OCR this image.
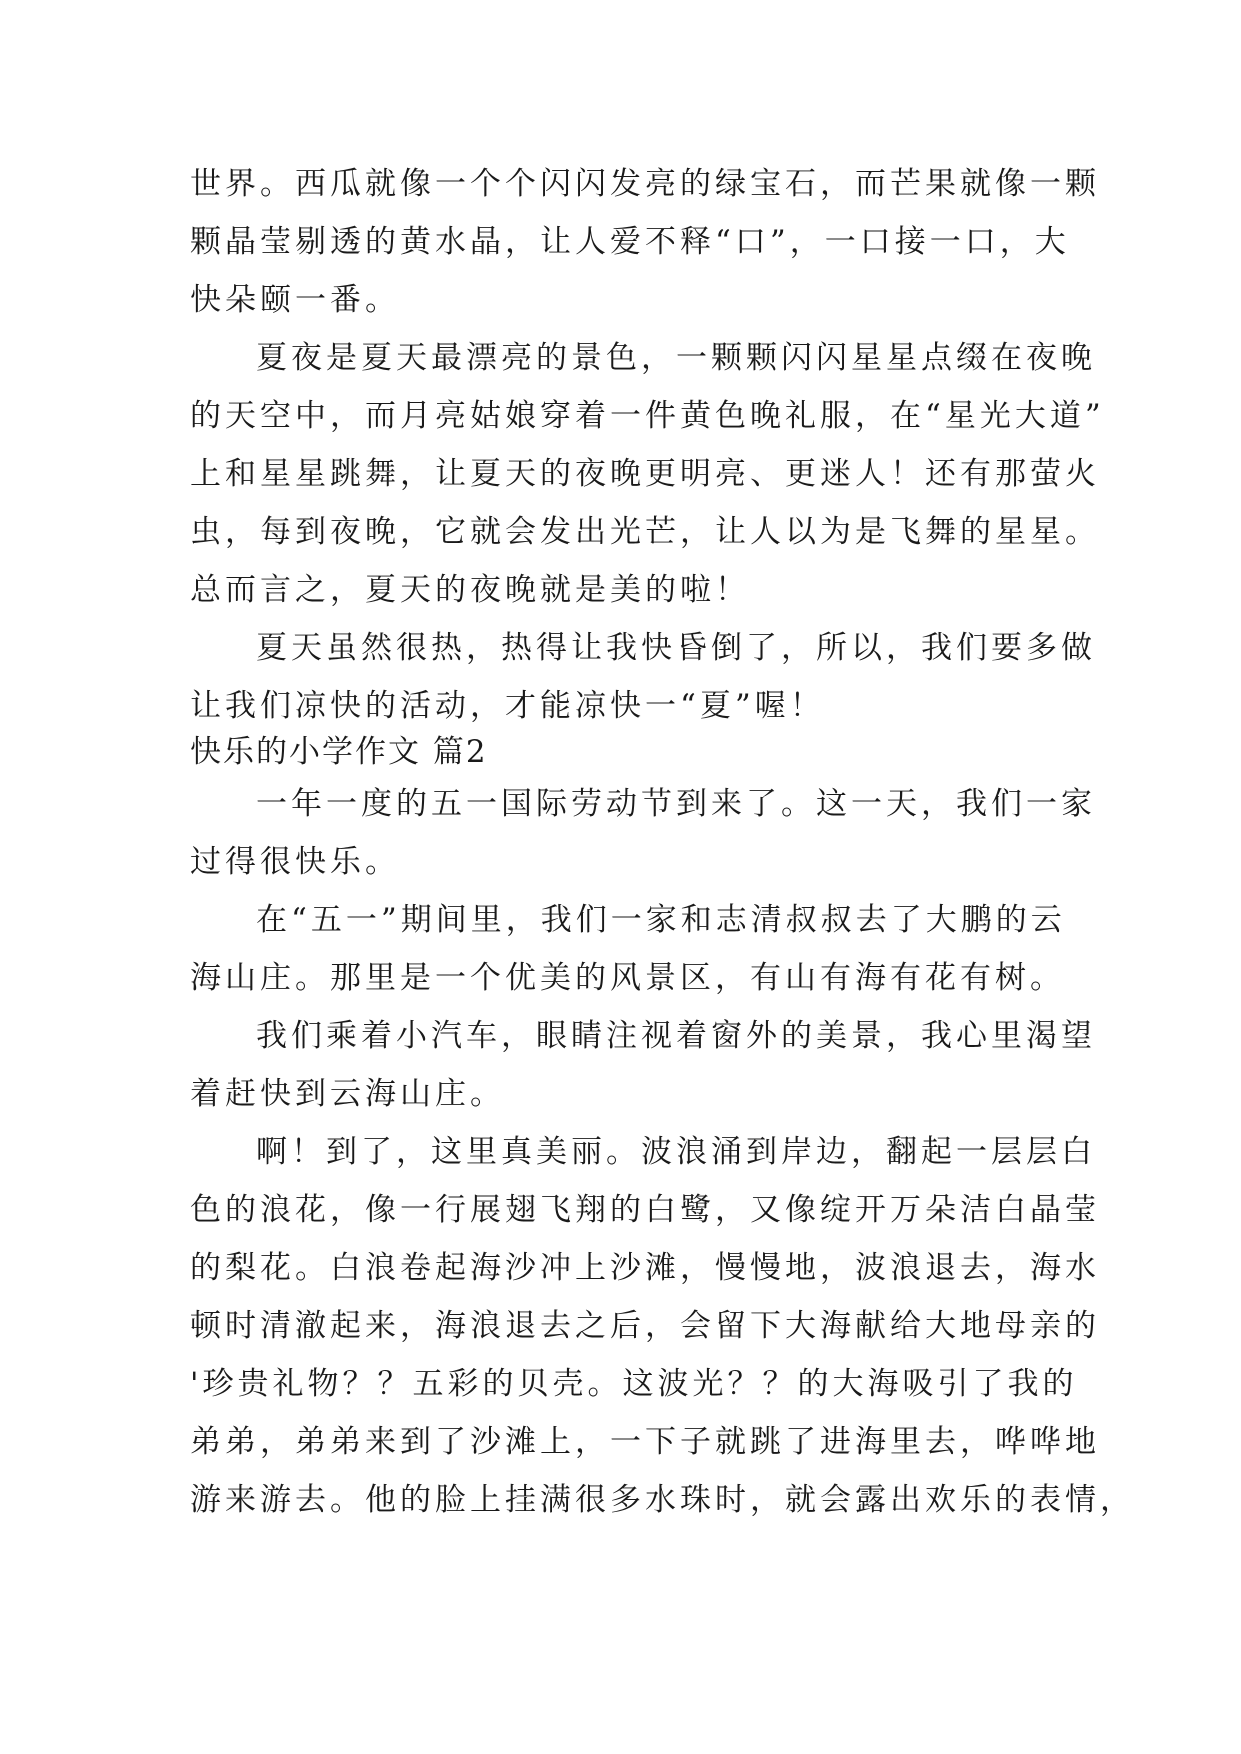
世界。西瓜就像一个个闪闪发亮的绿宝石，而芒果就像一颗
颗晶莹剔透的黄水晶，让人爱不释“口”，一口接一口，大
快朵颐一番。
夏夜是夏天最漂亮的景色，一颗颗闪闪星星点缀在夜晚
的天空中，而月亮姑娘穿着一件黄色晚礼服，在“星光大道”
上和星星跳舞，让夏天的夜晚更明亮、更迷人！还有那萤火
虫，每到夜晚，它就会发出光芒，让人以为是飞舞的星星。
总而言之，夏天的夜晚就是美的啦！
夏天虽然很热，热得让我快昏倒了，所以，我们要多做
让我们凉快的活动，才能凉快一“夏”喔！
快乐的小学作文 篇2
一年一度的五一国际劳动节到来了。这一天，我们一家
过得很快乐。
在“五一”期间里，我们一家和志清叔叔去了大鹏的云
海山庄。那里是一个优美的风景区，有山有海有花有树。
我们乘着小汽车，眼睛注视着窗外的美景，我心里渴望
着赶快到云海山庄。
啊！到了，这里真美丽。波浪涌到岸边，翻起一层层白
色的浪花，像一行展翅飞翔的白鹭，又像绽开万朵洁白晶莹
的梨花。白浪卷起海沙冲上沙滩，慢慢地，波浪退去，海水
顿时清澈起来，海浪退去之后，会留下大海献给大地母亲的
'珍贵礼物？？五彩的贝壳。这波光？？的大海吸引了我的
弟弟，弟弟来到了沙滩上，一下子就跳了进海里去，哗哗地
游来游去。他的脸上挂满很多水珠时，就会露出欢乐的表情，
